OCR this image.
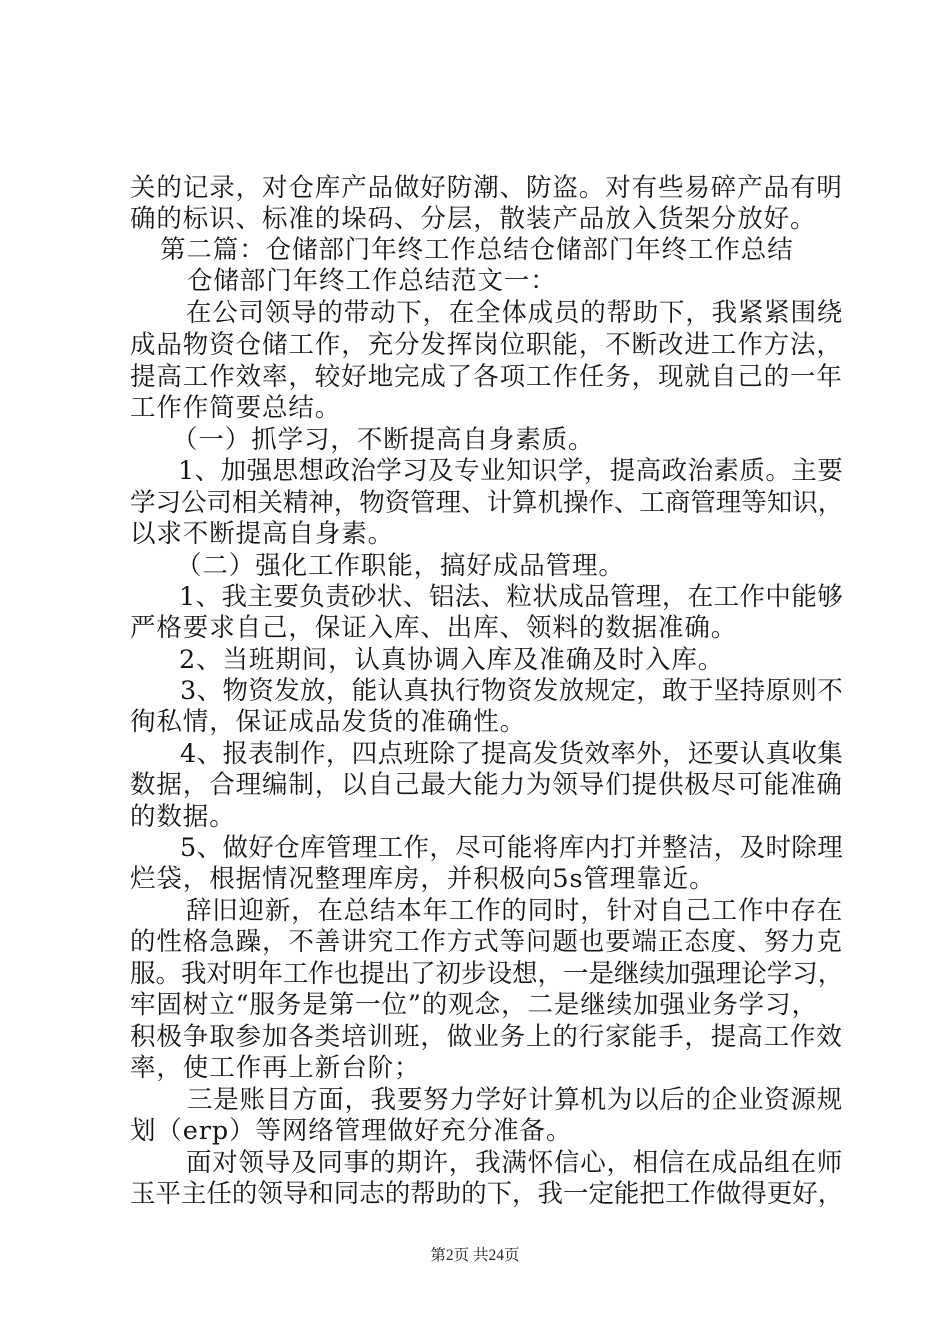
关的记录，对仓库产品做好防潮、防盗。对有些易碎产品有明
确的标识、标准的垛码、分层，散装产品放入货架分放好。
第二篇：仓储部门年终工作总结仓储部门年终工作总结
仓储部门年终工作总结范文一：
在公司领导的带动下，在全体成员的帮助下，我紧紧围绕
成品物资仓储工作，充分发挥岗位职能，不断改进工作方法，
提高工作效率，较好地完成了各项工作任务，现就自己的一年
工作作简要总结。
（一）抓学习，不断提高自身素质。
1、加强思想政治学习及专业知识学，提高政治素质。主要
学习公司相关精神，物资管理、计算机操作、工商管理等知识，
以求不断提高自身素。
（二）强化工作职能，搞好成品管理。
1、我主要负责砂状、铝法、粒状成品管理，在工作中能够
严格要求自己，保证入库、出库、领料的数据准确。
2、当班期间，认真协调入库及准确及时入库。
3、物资发放，能认真执行物资发放规定，敢于坚持原则不
徇私情，保证成品发货的准确性。
4、报表制作，四点班除了提高发货效率外，还要认真收集
数据，合理编制，以自己最大能力为领导们提供极尽可能准确
的数据。
5、做好仓库管理工作，尽可能将库内打并整洁，及时除理
烂袋，根据情况整理库房，并积极向5s管理靠近。
辞旧迎新，在总结本年工作的同时，针对自己工作中存在
的性格急躁，不善讲究工作方式等问题也要端正态度、努力克
服。我对明年工作也提出了初步设想，一是继续加强理论学习，
牢固树立“服务是第一位”的观念，二是继续加强业务学习，
积极争取参加各类培训班，做业务上的行家能手，提高工作效
率，使工作再上新台阶；
三是账目方面，我要努力学好计算机为以后的企业资源规
划（erp）等网络管理做好充分准备。
面对领导及同事的期许，我满怀信心，相信在成品组在师
玉平主任的领导和同志的帮助的下，我一定能把工作做得更好，
第2页 共24页
